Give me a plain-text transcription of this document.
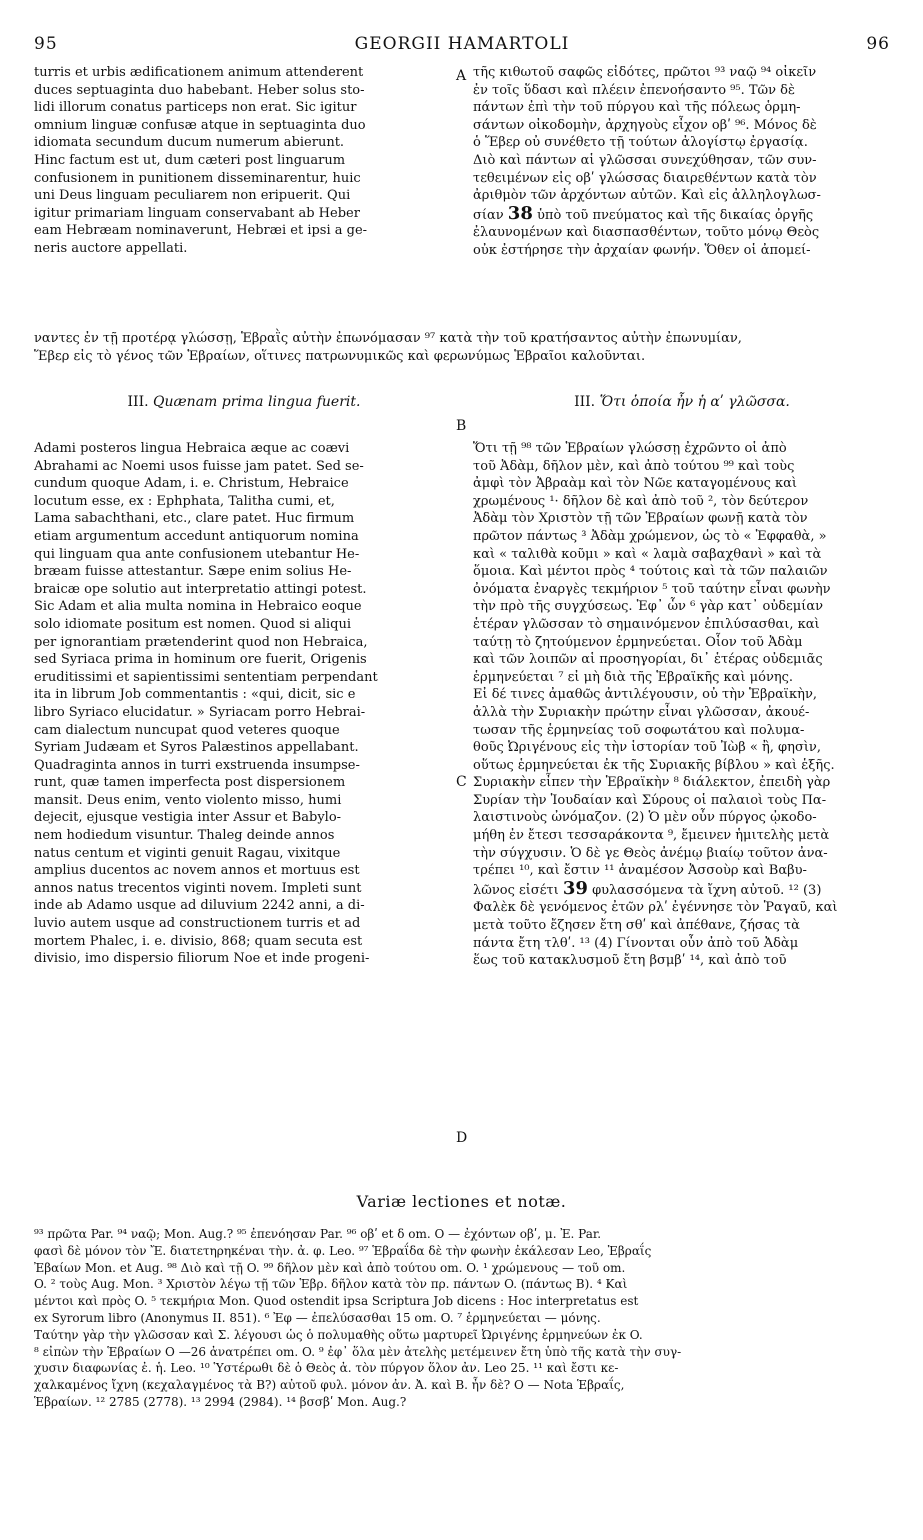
95	GEORGII HAMARTOLI	96

turris et urbis ædificationem animum attenderent
duces septuaginta duo habebant. Heber solus sto-
lidi illorum conatus particeps non erat. Sic igitur
omnium linguæ confusæ atque in septuaginta duo
idiomata secundum ducum numerum abierunt.
Hinc factum est ut, dum cæteri post linguarum
confusionem in punitionem disseminarentur, huic
uni Deus linguam peculiarem non eripuerit. Qui
igitur primariam linguam conservabant ab Heber
eam Hebræam nominaverunt, Hebræi et ipsi a ge-
neris auctore appellati.

A τῆς κιθωτοῦ σαφῶς εἰδότες, πρῶτοι ⁹³ ναῷ ⁹⁴ οἰκεῖν
ἐν τοῖς ὕδασι καὶ πλέειν ἐπενοήσαντο ⁹⁵. Τῶν δὲ
πάντων ἐπὶ τὴν τοῦ πύργου καὶ τῆς πόλεως ὁρμη-
σάντων οἰκοδομὴν, ἀρχηγοὺς εἶχον οβʹ ⁹⁶. Μόνος δὲ
ὁ Ἕβερ οὐ συνέθετο τῇ τούτων ἀλογίστῳ ἐργασίᾳ.
Διὸ καὶ πάντων αἱ γλῶσσαι συνεχύθησαν, τῶν συν-
τεθειμένων εἰς οβʹ γλώσσας διαιρεθέντων κατὰ τὸν
ἀριθμὸν τῶν ἀρχόντων αὐτῶν. Καὶ εἰς ἀλληλογλωσ-
σίαν 38 ὑπὸ τοῦ πνεύματος καὶ τῆς δικαίας ὀργῆς
ἐλαυνομένων καὶ διασπασθέντων, τοῦτο μόνῳ Θεὸς
οὐκ ἐστήρησε τὴν ἀρχαίαν φωνήν. Ὅθεν οἱ ἀπομεί-

ναντες ἐν τῇ προτέρᾳ γλώσσῃ, Ἑβραῒς αὐτὴν ἐπωνόμασαν ⁹⁷ κατὰ τὴν τοῦ κρατήσαντος αὐτὴν ἐπωνυμίαν,
Ἕβερ εἰς τὸ γένος τῶν Ἑβραίων, οἵτινες πατρωνυμικῶς καὶ φερωνύμως Ἑβραῖοι καλοῦνται.

III. Quænam prima lingua fuerit.	III. Ὅτι ὁποία ἦν ἡ αʹ γλῶσσα.
B

Adami posteros lingua Hebraica æque ac coævi
Abrahami ac Noemi usos fuisse jam patet. Sed se-
cundum quoque Adam, i. e. Christum, Hebraice
locutum esse, ex : Ephphata, Talitha cumi, et,
Lama sabachthani, etc., clare patet. Huc firmum
etiam argumentum accedunt antiquorum nomina
qui linguam qua ante confusionem utebantur He-
bræam fuisse attestantur. Sæpe enim solius He-
braicæ ope solutio aut interpretatio attingi potest.
Sic Adam et alia multa nomina in Hebraico eoque
solo idiomate positum est nomen. Quod si aliqui
per ignorantiam prætenderint quod non Hebraica,
sed Syriaca prima in hominum ore fuerit, Origenis
eruditissimi et sapientissimi sententiam perpendant
ita in librum Job commentantis : «qui, dicit, sic e
libro Syriaco elucidatur. » Syriacam porro Hebrai-
cam dialectum nuncupat quod veteres quoque
Syriam Judæam et Syros Palæstinos appellabant.
Quadraginta annos in turri exstruenda insumpse-
runt, quæ tamen imperfecta post dispersionem
mansit. Deus enim, vento violento misso, humi
dejecit, ejusque vestigia inter Assur et Babylo-
nem hodiedum visuntur. Thaleg deinde annos
natus centum et viginti genuit Ragau, vixitque
amplius ducentos ac novem annos et mortuus est
annos natus trecentos viginti novem. Impleti sunt
inde ab Adamo usque ad diluvium 2242 anni, a di-
luvio autem usque ad constructionem turris et ad
mortem Phalec, i. e. divisio, 868; quam secuta est
divisio, imo dispersio filiorum Noe et inde progeni-

C
Ὅτι τῇ ⁹⁸ τῶν Ἑβραίων γλώσσῃ ἐχρῶντο οἱ ἀπὸ
τοῦ Ἀδὰμ, δῆλον μὲν, καὶ ἀπὸ τούτου ⁹⁹ καὶ τοὺς
ἀμφὶ τὸν Ἀβραὰμ καὶ τὸν Νῶε καταγομένους καὶ
χρωμένους ¹· δῆλον δὲ καὶ ἀπὸ τοῦ ², τὸν δεύτερον
Ἀδὰμ τὸν Χριστὸν τῇ τῶν Ἑβραίων φωνῇ κατὰ τὸν
πρῶτον πάντως ³ Ἀδὰμ χρώμενον, ὡς τὸ « Ἐφφαθὰ, »
καὶ « ταλιθὰ κοῦμι » καὶ « λαμὰ σαβαχθανὶ » καὶ τὰ
ὅμοια. Καὶ μέντοι πρὸς ⁴ τούτοις καὶ τὰ τῶν παλαιῶν
ὀνόματα ἐναργὲς τεκμήριον ⁵ τοῦ ταύτην εἶναι φωνὴν
τὴν πρὸ τῆς συγχύσεως. Ἐφ᾽ ὧν ⁶ γὰρ κατ᾽ οὐδεμίαν
ἑτέραν γλῶσσαν τὸ σημαινόμενον ἐπιλύσασθαι, καὶ
ταύτῃ τὸ ζητούμενον ἑρμηνεύεται. Οἷον τοῦ Ἀδὰμ
καὶ τῶν λοιπῶν αἱ προσηγορίαι, δι᾽ ἑτέρας οὐδεμιᾶς
ἑρμηνεύεται ⁷ εἰ μὴ διὰ τῆς Ἑβραϊκῆς καὶ μόνης.
Εἰ δέ τινες ἀμαθῶς ἀντιλέγουσιν, οὐ τὴν Ἑβραϊκὴν,
ἀλλὰ τὴν Συριακὴν πρώτην εἶναι γλῶσσαν, ἀκουέ-
τωσαν τῆς ἑρμηνείας τοῦ σοφωτάτου καὶ πολυμα-
θοῦς Ὠριγένους εἰς τὴν ἱστορίαν τοῦ Ἰὼβ « ἢ, φησὶν,
οὕτως ἑρμηνεύεται ἐκ τῆς Συριακῆς βίβλου » καὶ ἑξῆς.
Συριακὴν εἶπεν τὴν Ἑβραϊκὴν ⁸ διάλεκτον, ἐπειδὴ γὰρ
Συρίαν τὴν Ἰουδαίαν καὶ Σύρους οἱ παλαιοὶ τοὺς Πα-
λαιστινοὺς ὠνόμαζον. (2) Ὁ μὲν οὖν πύργος ᾠκοδο-
μήθη ἐν ἔτεσι τεσσαράκοντα ⁹, ἔμεινεν ἡμιτελὴς μετὰ
τὴν σύγχυσιν. Ὁ δὲ γε Θεὸς ἀνέμῳ βιαίῳ τοῦτον ἀνα-
τρέπει ¹⁰, καὶ ἔστιν ¹¹ ἀναμέσον Ἀσσοὺρ καὶ Βαβυ-
λῶνος εἰσέτι 39 φυλασσόμενα τὰ ἴχνη αὐτοῦ. ¹² (3)
Φαλὲκ δὲ γενόμενος ἐτῶν ρλʹ ἐγέννησε τὸν Ῥαγαῦ, καὶ
μετὰ τοῦτο ἔζησεν ἔτη σθʹ καὶ ἀπέθανε, ζήσας τὰ
πάντα ἔτη τλθʹ. ¹³ (4) Γίνονται οὖν ἀπὸ τοῦ Ἀδὰμ
ἕως τοῦ κατακλυσμοῦ ἔτη βσμβʹ ¹⁴, καὶ ἀπὸ τοῦ
D
Variæ lectiones et notæ.
⁹³ πρῶτα Par. ⁹⁴ ναῷ; Mon. Aug.? ⁹⁵ ἐπενόησαν Par. ⁹⁶ οβʹ et δ om. O — ἐχόντων οβʹ, μ. Ἐ. Par.
φασὶ δὲ μόνον τὸν Ἔ. διατετηρηκέναι τὴν. ἀ. φ. Leo. ⁹⁷ Ἑβραΐδα δὲ τὴν φωνὴν ἐκάλεσαν Leo, Ἑβραΐς
Ἐβαίων Mon. et Aug. ⁹⁸ Διὸ καὶ τῇ O. ⁹⁹ δῆλον μὲν καὶ ἀπὸ τούτου om. O. ¹ χρώμενους — τοῦ om.
O. ² τοὺς Aug. Mon. ³ Χριστὸν λέγω τῇ τῶν Ἑβρ. δῆλον κατὰ τὸν πρ. πάντων O. (πάντως B). ⁴ Καὶ
μέντοι καὶ πρὸς O. ⁵ τεκμήρια Mon. Quod ostendit ipsa Scriptura Job dicens : Hoc interpretatus est
ex Syrorum libro (Anonymus II. 851). ⁶ Ἐφ — ἐπελύσασθαι 15 om. O. ⁷ ἑρμηνεύεται — μόνης.
Ταύτην γὰρ τὴν γλῶσσαν καὶ Σ. λέγουσι ὡς ὁ πολυμαθὴς οὕτω μαρτυρεῖ Ὠριγένης ἑρμηνεύων ἐκ O.
⁸ εἰπὼν τὴν Ἑβραίων O —26 ἀνατρέπει om. O. ⁹ ἐφ᾽ ὅλα μὲν ἀτελὴς μετέμεινεν ἔτη ὑπὸ τῆς κατὰ τὴν συγ-
χυσιν διαφωνίας ἐ. ἡ. Leo. ¹⁰ Ὑστέρωθι δὲ ὁ Θεὸς ἀ. τὸν πύργον ὅλον ἀν. Leo 25. ¹¹ καὶ ἔστι κε-
χαλκαμένος ἴχνη (κεχαλαγμένος τὰ B?) αὐτοῦ φυλ. μόνον ἀν. Ἀ. καὶ B. ἦν δὲ? O — Nota Ἑβραΐς,
Ἑβραίων. ¹² 2785 (2778). ¹³ 2994 (2984). ¹⁴ βσσβʹ Mon. Aug.?
